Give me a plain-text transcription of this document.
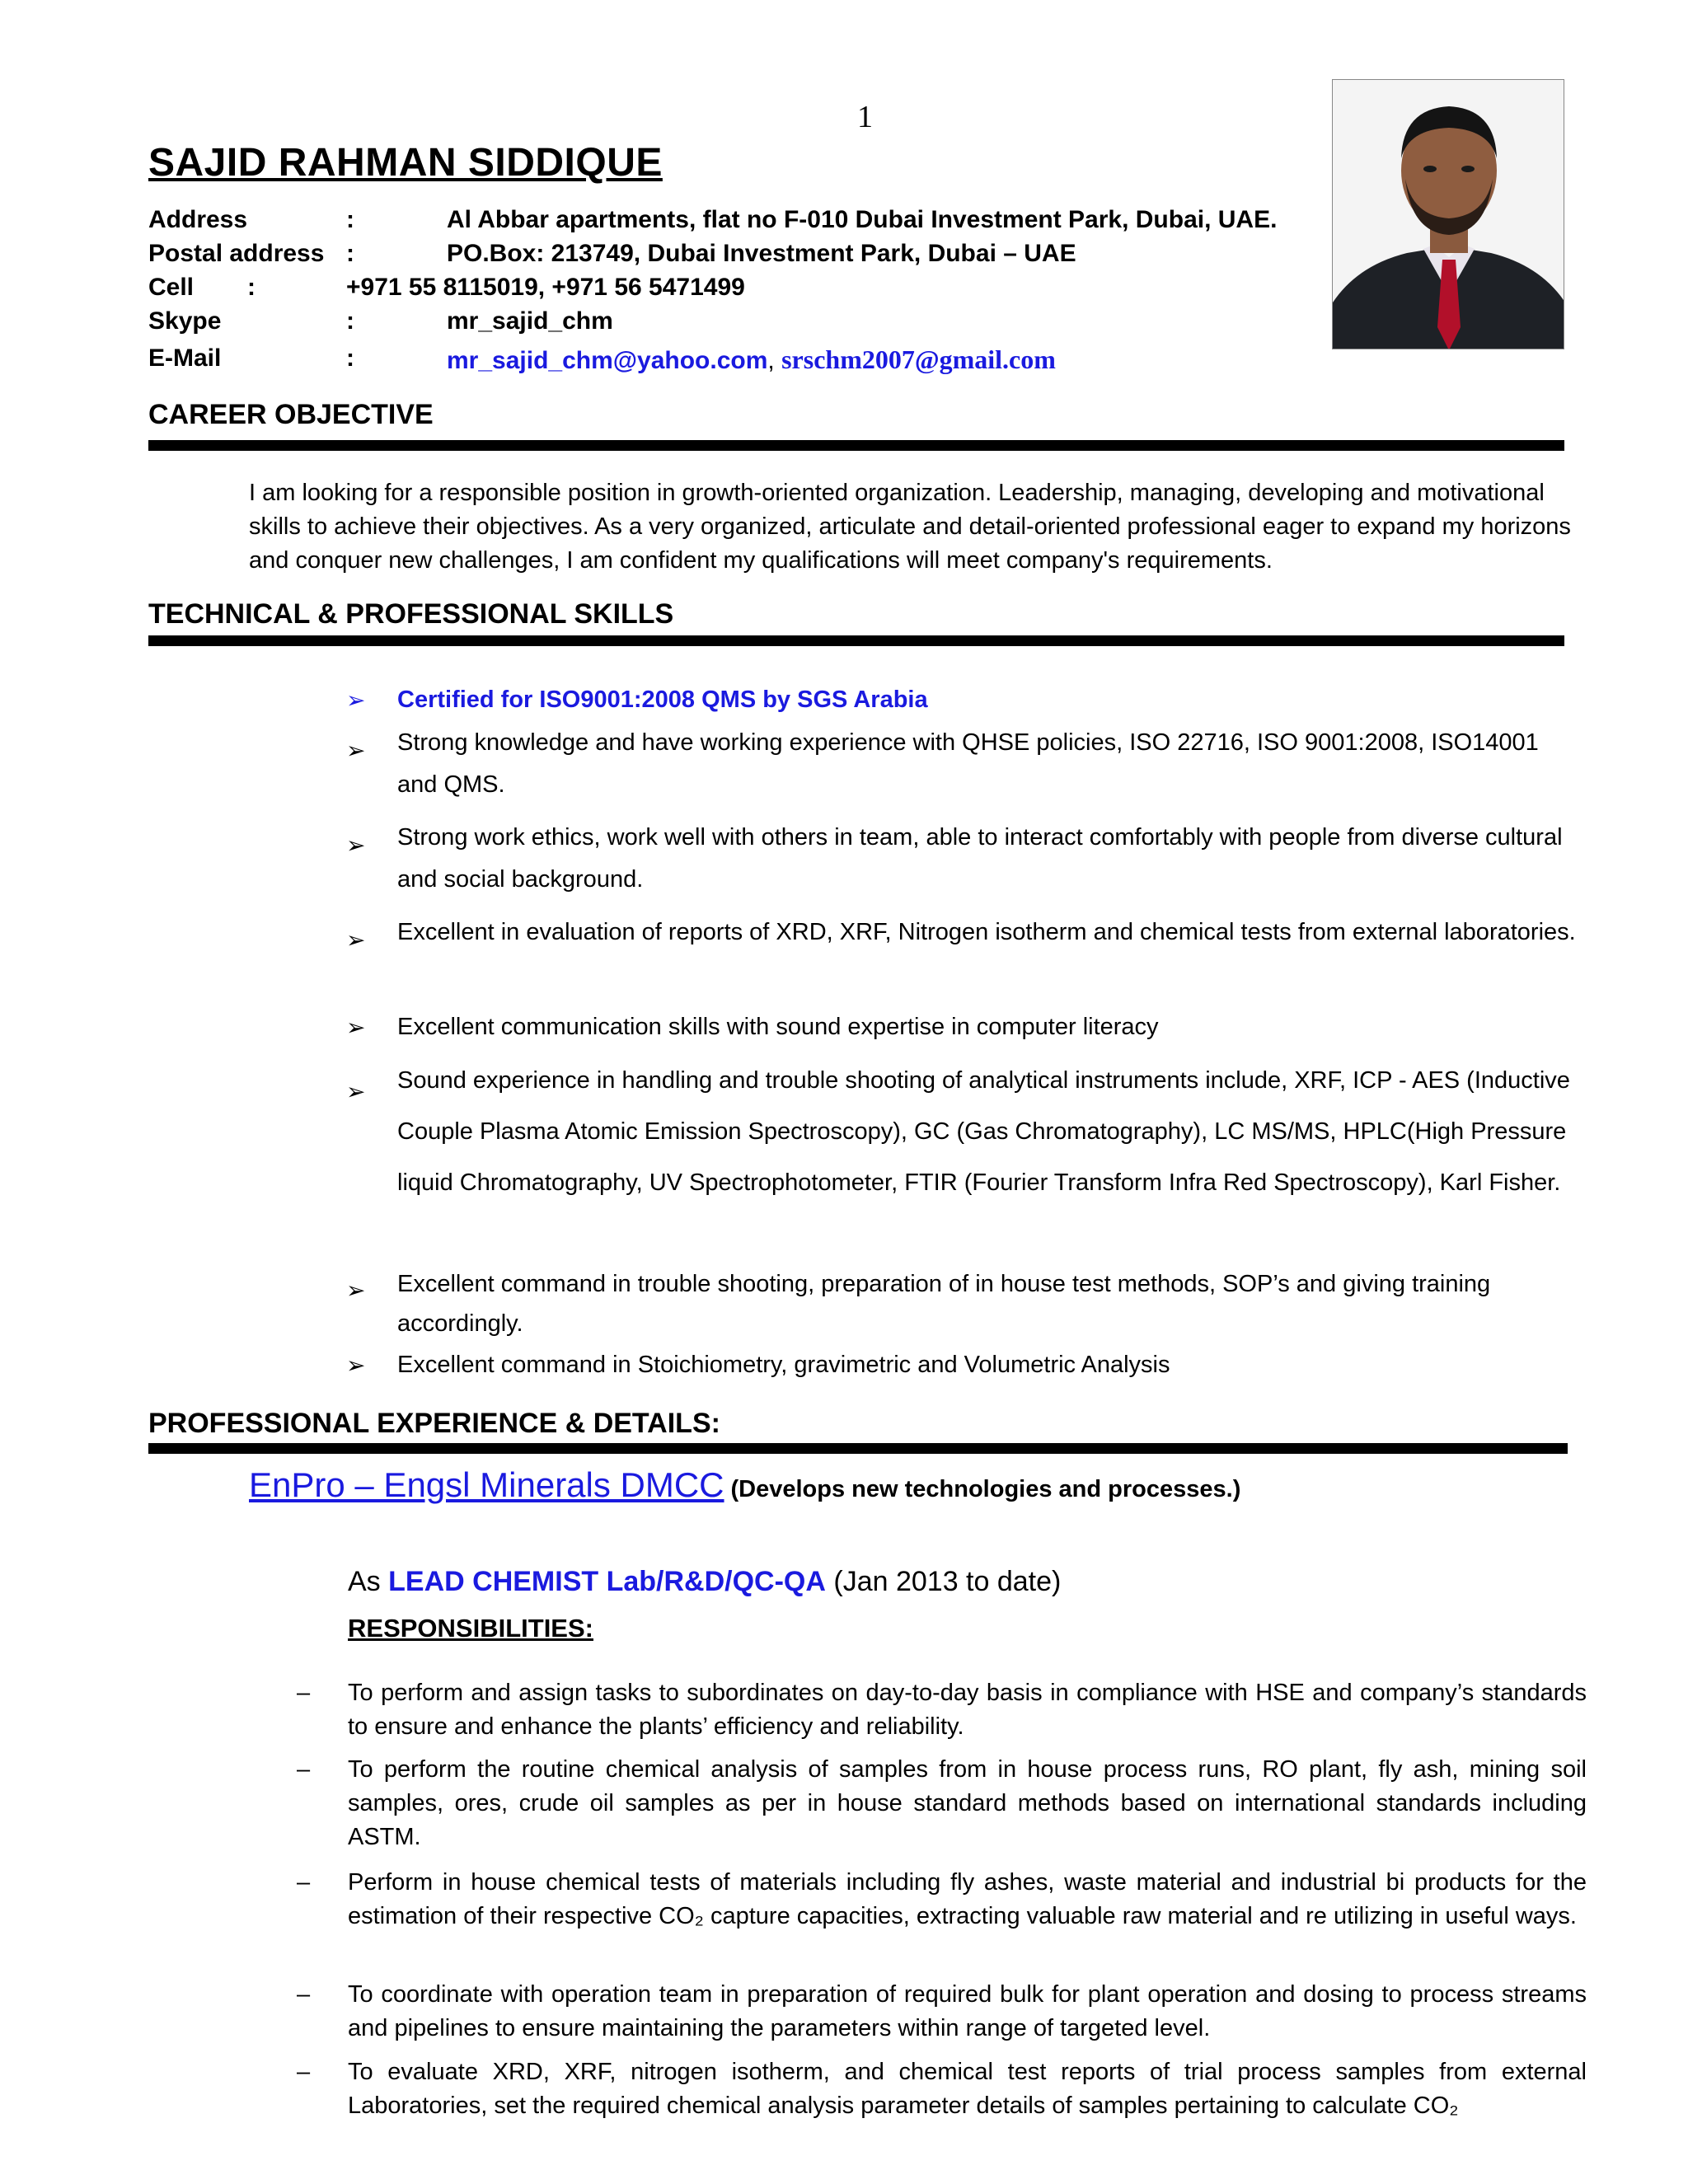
1
SAJID RAHMAN SIDDIQUE
Address	:	Al Abbar apartments, flat no F-010 Dubai Investment Park, Dubai, UAE.
Postal address :	PO.Box: 213749, Dubai Investment Park, Dubai – UAE
Cell :	+971 55 8115019, +971 56 5471499
Skype	:	mr_sajid_chm
E-Mail	:	mr_sajid_chm@yahoo.com, srschm2007@gmail.com
CAREER OBJECTIVE
I am looking for a responsible position in growth-oriented organization. Leadership, managing, developing and motivational skills to achieve their objectives. As a very organized, articulate and detail-oriented professional eager to expand my horizons and conquer new challenges, I am confident my qualifications will meet company's requirements.
TECHNICAL & PROFESSIONAL SKILLS
➢ Certified for ISO9001:2008 QMS by SGS Arabia
➢ Strong knowledge and have working experience with QHSE policies, ISO 22716, ISO 9001:2008, ISO14001 and QMS.
➢ Strong work ethics, work well with others in team, able to interact comfortably with people from diverse cultural and social background.
➢ Excellent in evaluation of reports of XRD, XRF, Nitrogen isotherm and chemical tests from external laboratories.
➢ Excellent communication skills with sound expertise in computer literacy
➢ Sound experience in handling and trouble shooting of analytical instruments include, XRF, ICP - AES (Inductive Couple Plasma Atomic Emission Spectroscopy), GC (Gas Chromatography), LC MS/MS, HPLC(High Pressure liquid Chromatography, UV Spectrophotometer, FTIR (Fourier Transform Infra Red Spectroscopy), Karl Fisher.
➢ Excellent command in trouble shooting, preparation of in house test methods, SOP’s and giving training accordingly.
➢ Excellent command in Stoichiometry, gravimetric and Volumetric Analysis
PROFESSIONAL EXPERIENCE & DETAILS:
EnPro – Engsl Minerals DMCC (Develops new technologies and processes.)
As LEAD CHEMIST Lab/R&D/QC-QA (Jan 2013 to date)
RESPONSIBILITIES:
– To perform and assign tasks to subordinates on day-to-day basis in compliance with HSE and company’s standards to ensure and enhance the plants’ efficiency and reliability.
– To perform the routine chemical analysis of samples from in house process runs, RO plant, fly ash, mining soil samples, ores, crude oil samples as per in house standard methods based on international standards including ASTM.
– Perform in house chemical tests of materials including fly ashes, waste material and industrial bi products for the estimation of their respective CO₂ capture capacities, extracting valuable raw material and re utilizing in useful ways.
– To coordinate with operation team in preparation of required bulk for plant operation and dosing to process streams and pipelines to ensure maintaining the parameters within range of targeted level.
– To evaluate XRD, XRF, nitrogen isotherm, and chemical test reports of trial process samples from external Laboratories, set the required chemical analysis parameter details of samples pertaining to calculate CO₂
